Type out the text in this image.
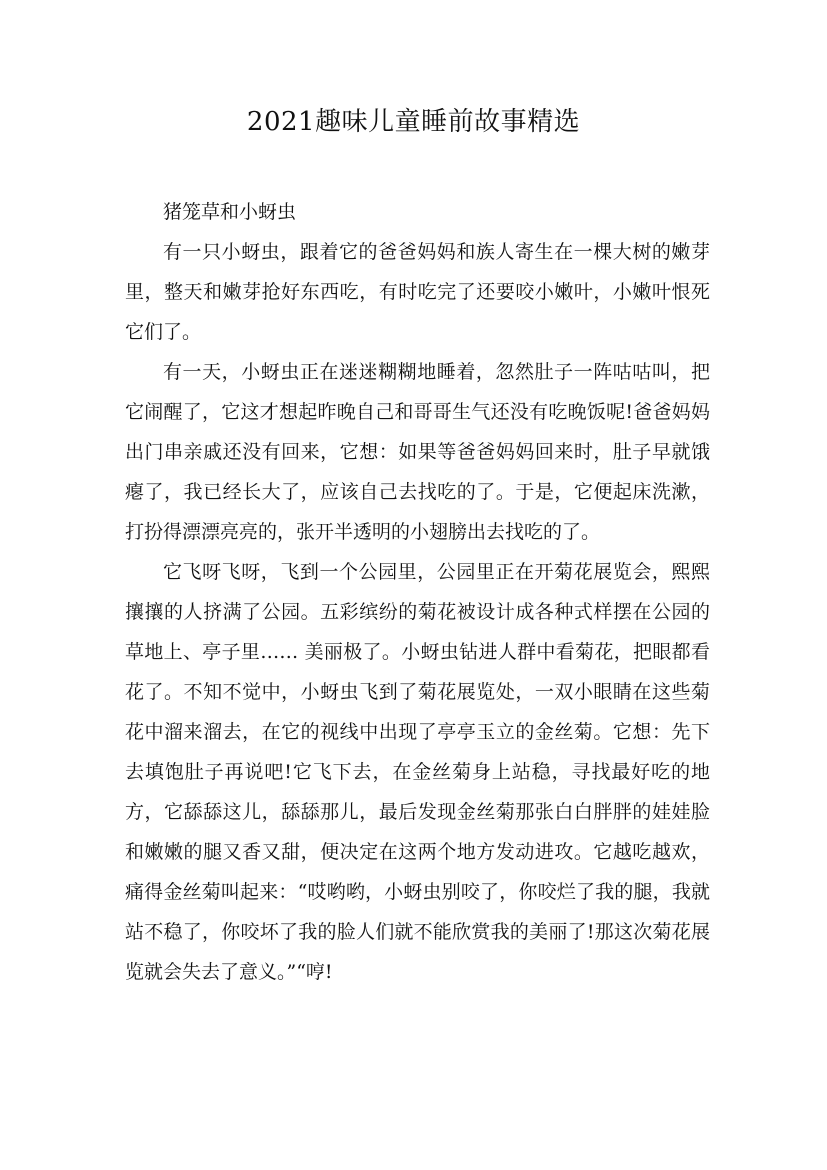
2021趣味儿童睡前故事精选

猪笼草和小蚜虫

有一只小蚜虫，跟着它的爸爸妈妈和族人寄生在一棵大树的嫩芽里，整天和嫩芽抢好东西吃，有时吃完了还要咬小嫩叶，小嫩叶恨死它们了。

有一天，小蚜虫正在迷迷糊糊地睡着，忽然肚子一阵咕咕叫，把它闹醒了，它这才想起昨晚自己和哥哥生气还没有吃晚饭呢!爸爸妈妈出门串亲戚还没有回来，它想：如果等爸爸妈妈回来时，肚子早就饿瘪了，我已经长大了，应该自己去找吃的了。于是，它便起床洗漱，打扮得漂漂亮亮的，张开半透明的小翅膀出去找吃的了。

它飞呀飞呀，飞到一个公园里，公园里正在开菊花展览会，熙熙攘攘的人挤满了公园。五彩缤纷的菊花被设计成各种式样摆在公园的草地上、亭子里…… 美丽极了。小蚜虫钻进人群中看菊花，把眼都看花了。不知不觉中，小蚜虫飞到了菊花展览处，一双小眼睛在这些菊花中溜来溜去，在它的视线中出现了亭亭玉立的金丝菊。它想：先下去填饱肚子再说吧!它飞下去，在金丝菊身上站稳，寻找最好吃的地方，它舔舔这儿，舔舔那儿，最后发现金丝菊那张白白胖胖的娃娃脸和嫩嫩的腿又香又甜，便决定在这两个地方发动进攻。它越吃越欢，痛得金丝菊叫起来：“哎哟哟，小蚜虫别咬了，你咬烂了我的腿，我就站不稳了，你咬坏了我的脸人们就不能欣赏我的美丽了!那这次菊花展览就会失去了意义。”“哼!
